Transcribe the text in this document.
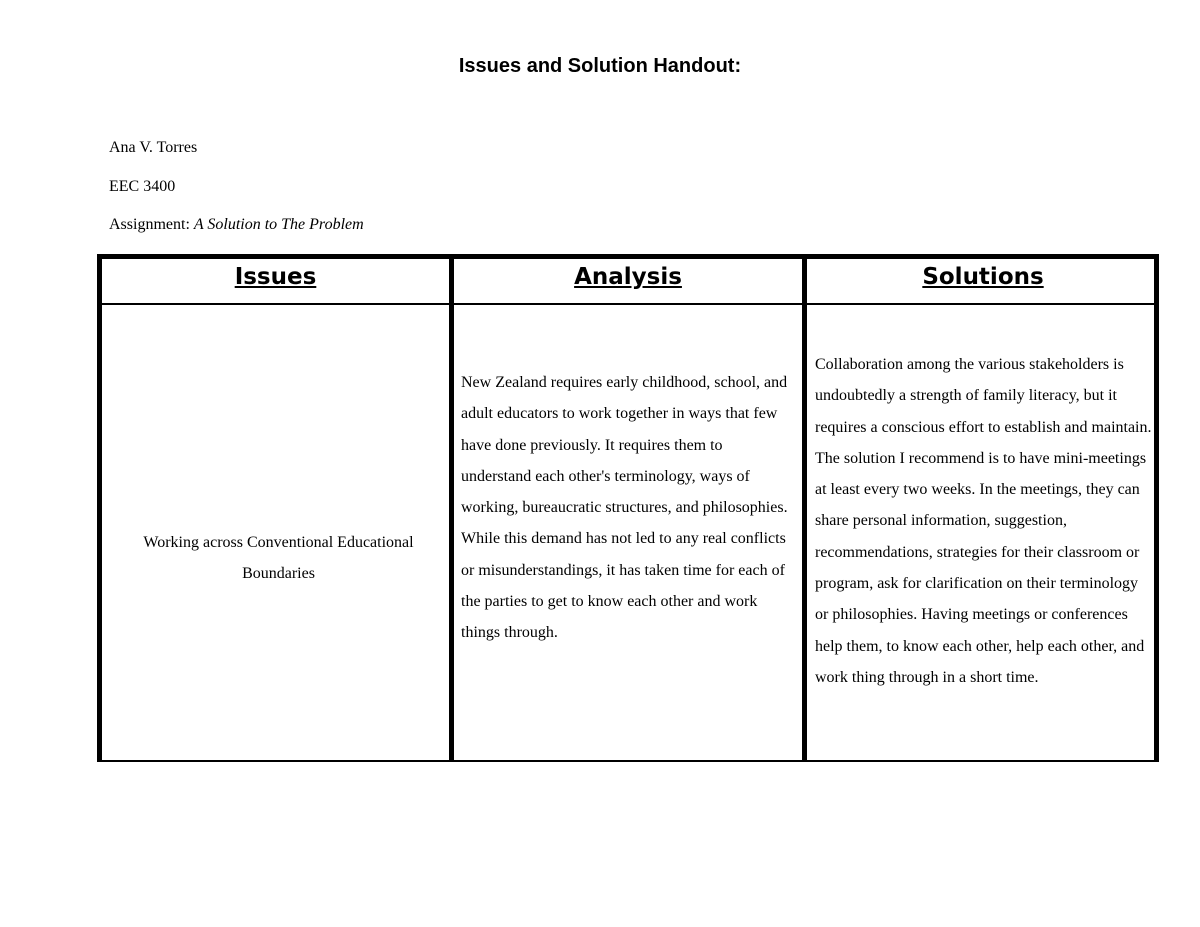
Issues and Solution Handout:

Ana V. Torres

EEC 3400

Assignment: A Solution to The Problem

Issues	Analysis	Solutions

Working across Conventional Educational Boundaries

New Zealand requires early childhood, school, and adult educators to work together in ways that few have done previously. It requires them to understand each other's terminology, ways of working, bureaucratic structures, and philosophies. While this demand has not led to any real conflicts or misunderstandings, it has taken time for each of the parties to get to know each other and work things through.

Collaboration among the various stakeholders is undoubtedly a strength of family literacy, but it requires a conscious effort to establish and maintain. The solution I recommend is to have mini-meetings at least every two weeks. In the meetings, they can share personal information, suggestion, recommendations, strategies for their classroom or program, ask for clarification on their terminology or philosophies. Having meetings or conferences help them, to know each other, help each other, and work thing through in a short time.
